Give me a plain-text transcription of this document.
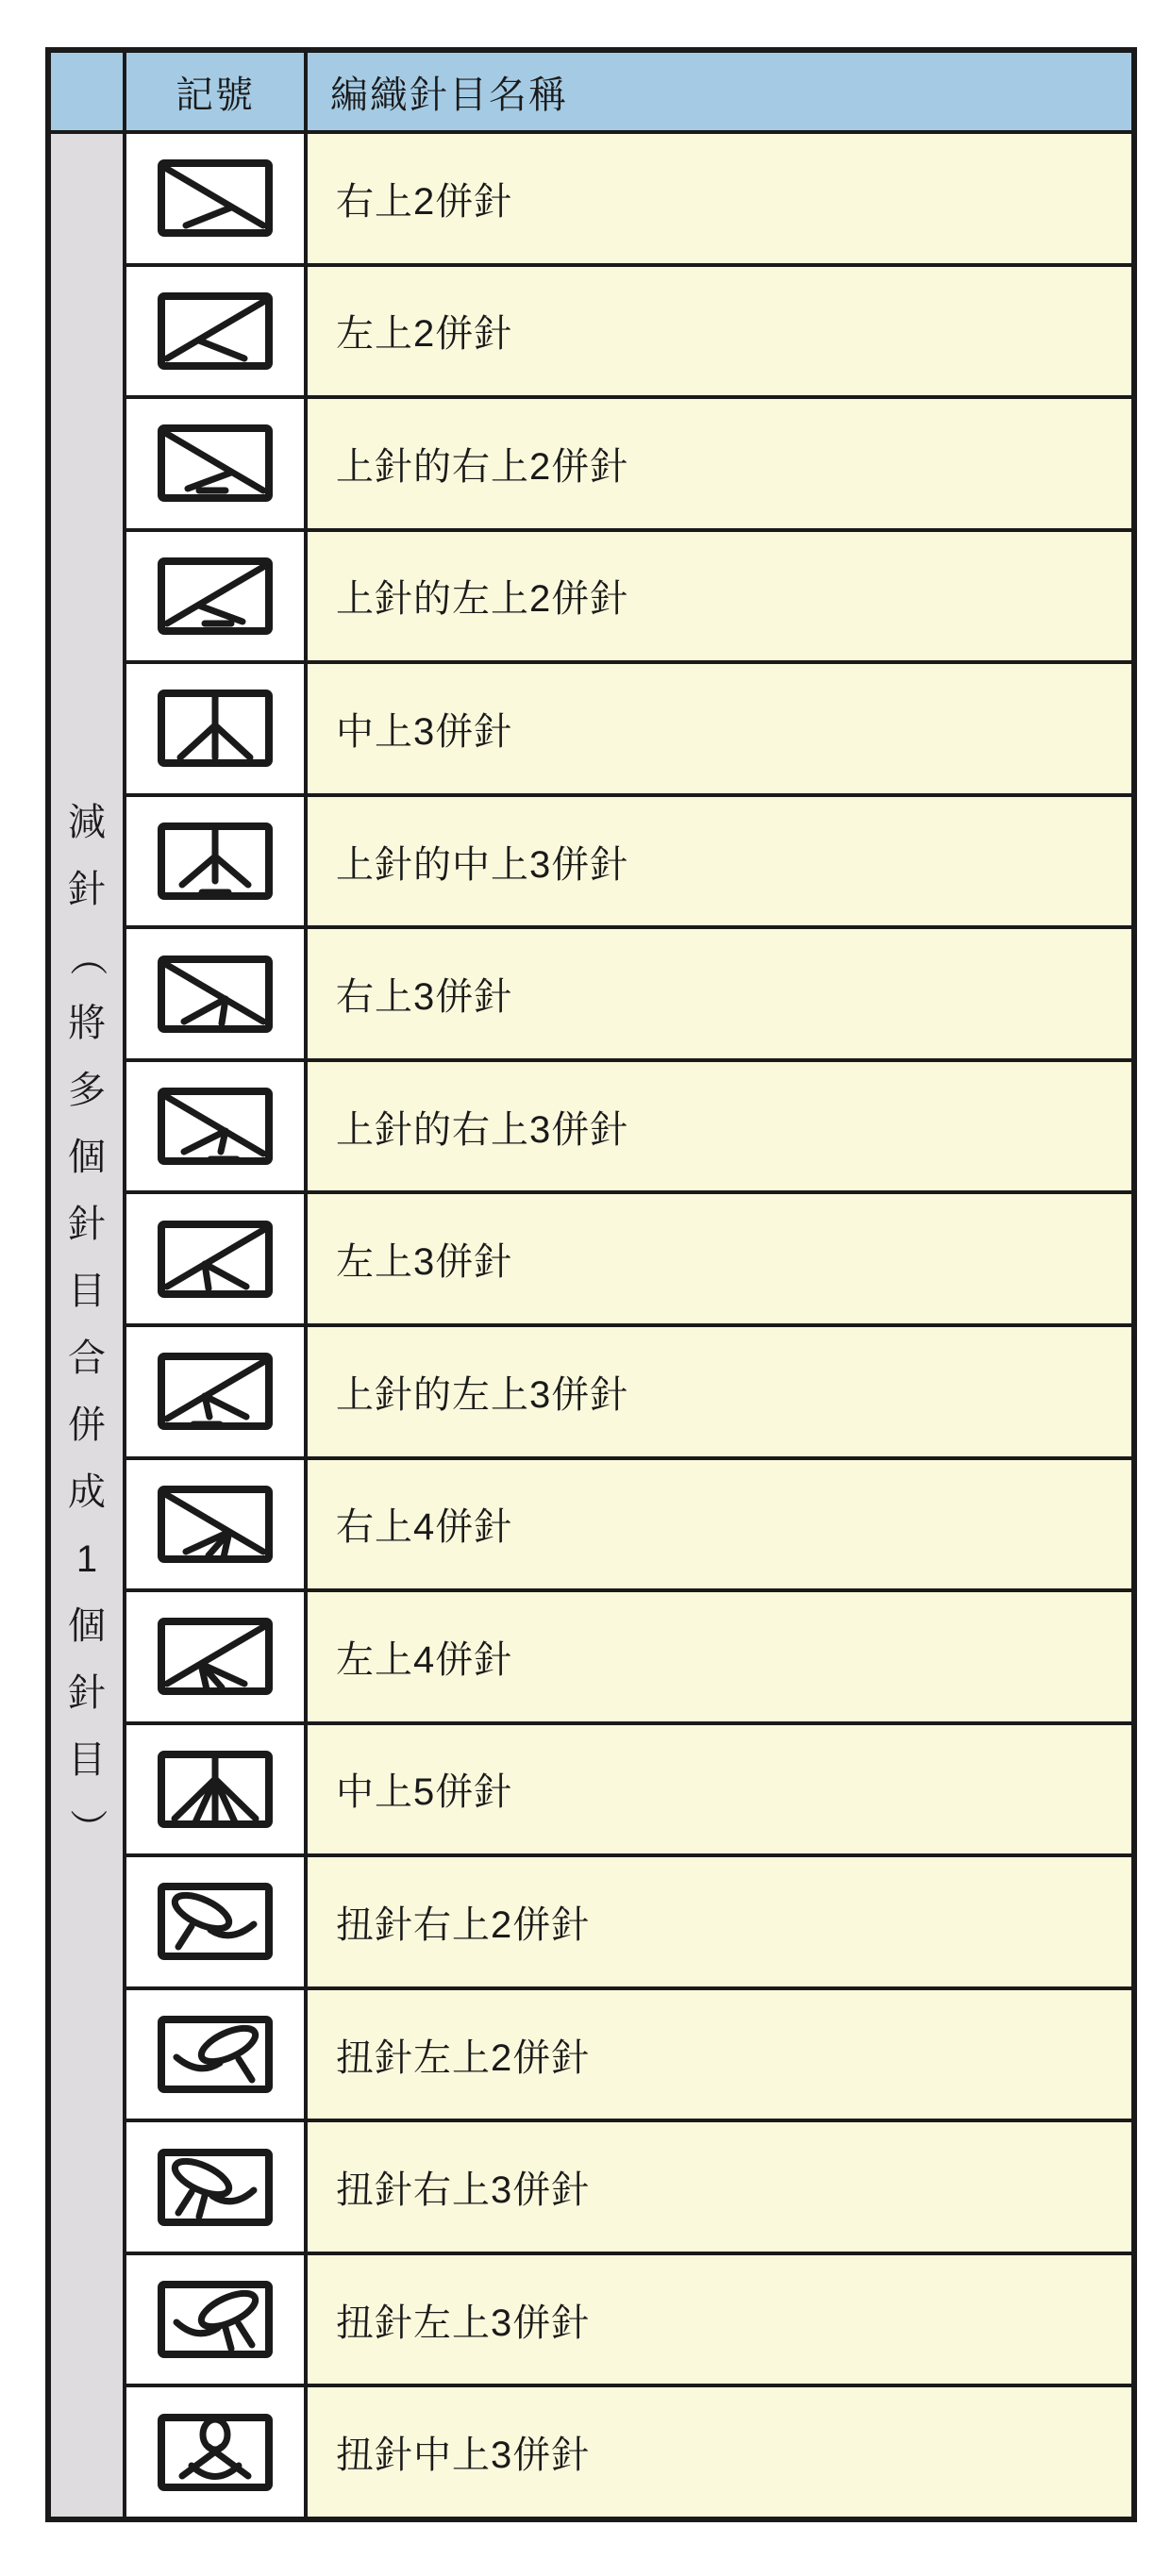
記號	編織針目名稱
減
針
（
將
多
個
針
目
合
併
成
1
個
針
目
）
右上2併針
左上2併針
上針的右上2併針
上針的左上2併針
中上3併針
上針的中上3併針
右上3併針
上針的右上3併針
左上3併針
上針的左上3併針
右上4併針
左上4併針
中上5併針
扭針右上2併針
扭針左上2併針
扭針右上3併針
扭針左上3併針
扭針中上3併針
